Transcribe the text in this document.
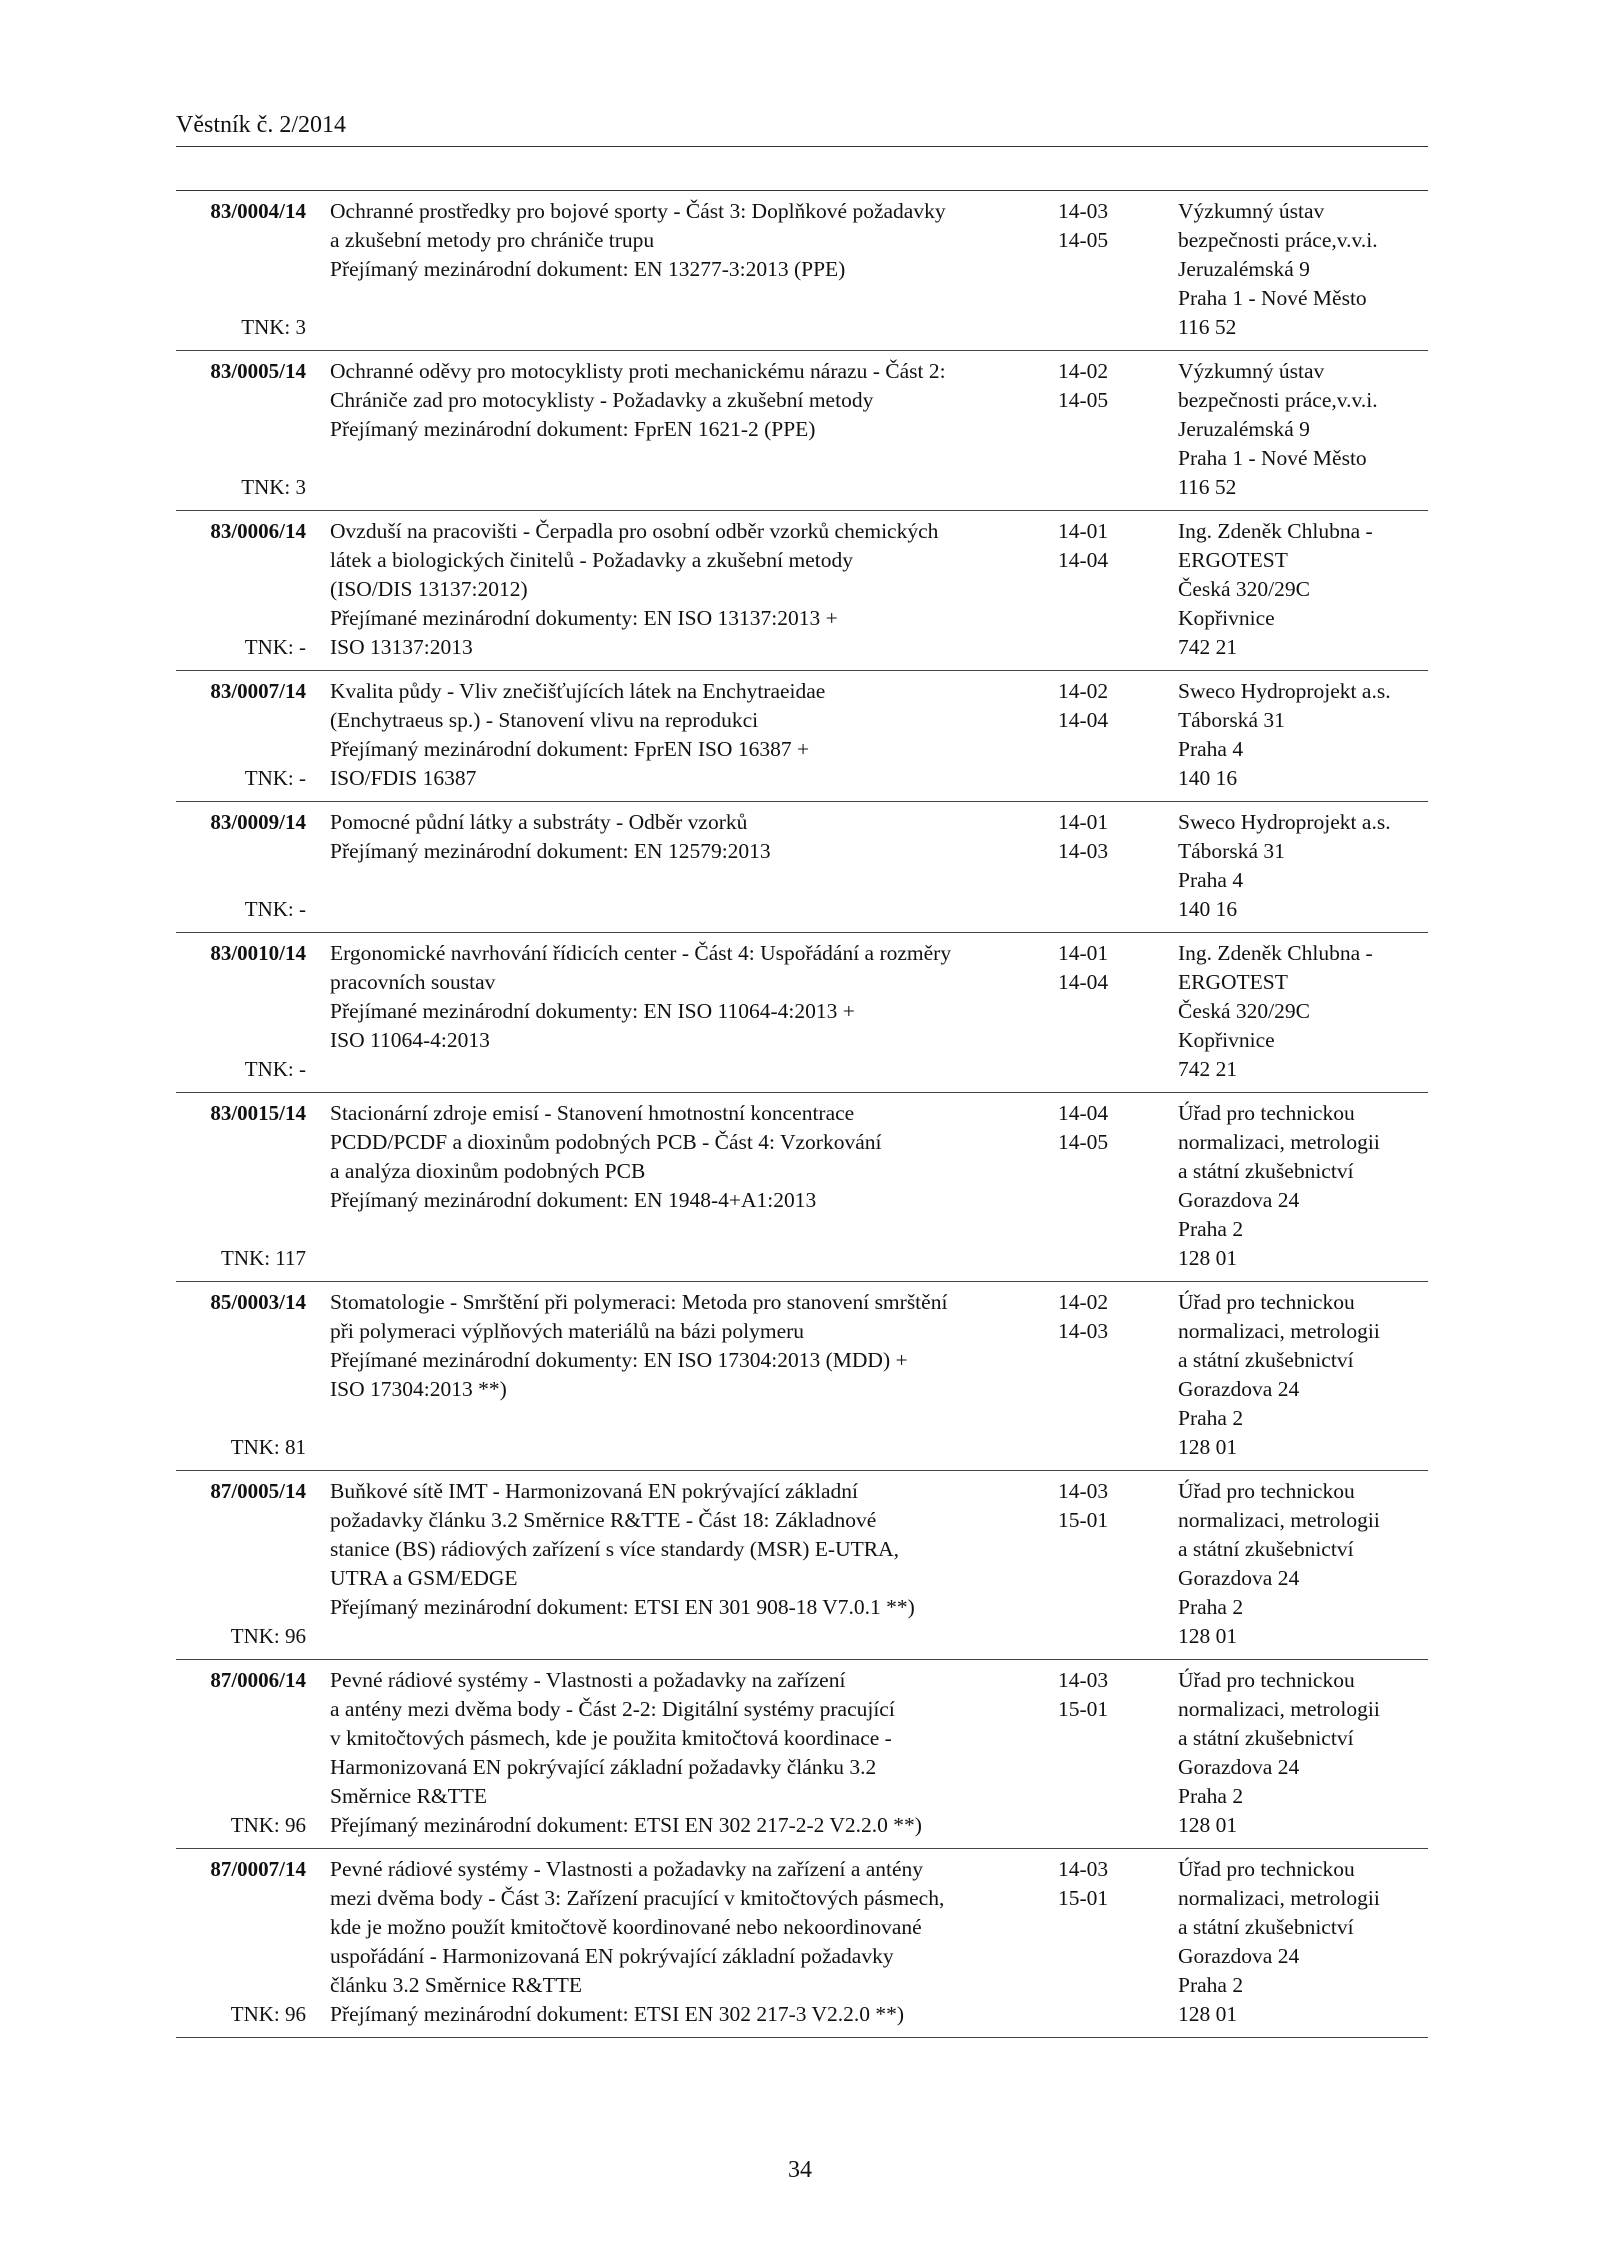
Věstník č. 2/2014
83/0004/14
TNK: 3
Ochranné prostředky pro bojové sporty - Část 3: Doplňkové požadavky
a zkušební metody pro chrániče trupu
Přejímaný mezinárodní dokument: EN 13277-3:2013 (PPE)
14-03
14-05
Výzkumný ústav
bezpečnosti práce,v.v.i.
Jeruzalémská 9
Praha 1 - Nové Město
116 52
83/0005/14
TNK: 3
Ochranné oděvy pro motocyklisty proti mechanickému nárazu - Část 2:
Chrániče zad pro motocyklisty - Požadavky a zkušební metody
Přejímaný mezinárodní dokument: FprEN 1621-2 (PPE)
14-02
14-05
Výzkumný ústav
bezpečnosti práce,v.v.i.
Jeruzalémská 9
Praha 1 - Nové Město
116 52
83/0006/14
TNK: -
Ovzduší na pracovišti - Čerpadla pro osobní odběr vzorků chemických
látek a biologických činitelů - Požadavky a zkušební metody
(ISO/DIS 13137:2012)
Přejímané mezinárodní dokumenty: EN ISO 13137:2013 +
ISO 13137:2013
14-01
14-04
Ing. Zdeněk Chlubna -
ERGOTEST
Česká 320/29C
Kopřivnice
742 21
83/0007/14
TNK: -
Kvalita půdy - Vliv znečišťujících látek na Enchytraeidae
(Enchytraeus sp.) - Stanovení vlivu na reprodukci
Přejímaný mezinárodní dokument: FprEN ISO 16387 +
ISO/FDIS 16387
14-02
14-04
Sweco Hydroprojekt a.s.
Táborská 31
Praha 4
140 16
83/0009/14
TNK: -
Pomocné půdní látky a substráty - Odběr vzorků
Přejímaný mezinárodní dokument: EN 12579:2013
14-01
14-03
Sweco Hydroprojekt a.s.
Táborská 31
Praha 4
140 16
83/0010/14
TNK: -
Ergonomické navrhování řídicích center - Část 4: Uspořádání a rozměry
pracovních soustav
Přejímané mezinárodní dokumenty: EN ISO 11064-4:2013 +
ISO 11064-4:2013
14-01
14-04
Ing. Zdeněk Chlubna -
ERGOTEST
Česká 320/29C
Kopřivnice
742 21
83/0015/14
TNK: 117
Stacionární zdroje emisí - Stanovení hmotnostní koncentrace
PCDD/PCDF a dioxinům podobných PCB - Část 4: Vzorkování
a analýza dioxinům podobných PCB
Přejímaný mezinárodní dokument: EN 1948-4+A1:2013
14-04
14-05
Úřad pro technickou
normalizaci, metrologii
a státní zkušebnictví
Gorazdova 24
Praha 2
128 01
85/0003/14
TNK: 81
Stomatologie - Smrštění při polymeraci: Metoda pro stanovení smrštění
při polymeraci výplňových materiálů na bázi polymeru
Přejímané mezinárodní dokumenty: EN ISO 17304:2013 (MDD) +
ISO 17304:2013 **)
14-02
14-03
Úřad pro technickou
normalizaci, metrologii
a státní zkušebnictví
Gorazdova 24
Praha 2
128 01
87/0005/14
TNK: 96
Buňkové sítě IMT - Harmonizovaná EN pokrývající základní
požadavky článku 3.2 Směrnice R&TTE - Část 18: Základnové
stanice (BS) rádiových zařízení s více standardy (MSR) E-UTRA,
UTRA a GSM/EDGE
Přejímaný mezinárodní dokument: ETSI EN 301 908-18 V7.0.1 **)
14-03
15-01
Úřad pro technickou
normalizaci, metrologii
a státní zkušebnictví
Gorazdova 24
Praha 2
128 01
87/0006/14
TNK: 96
Pevné rádiové systémy - Vlastnosti a požadavky na zařízení
a antény mezi dvěma body - Část 2-2: Digitální systémy pracující
v kmitočtových pásmech, kde je použita kmitočtová koordinace -
Harmonizovaná EN pokrývající základní požadavky článku 3.2
Směrnice R&TTE
Přejímaný mezinárodní dokument: ETSI EN 302 217-2-2 V2.2.0 **)
14-03
15-01
Úřad pro technickou
normalizaci, metrologii
a státní zkušebnictví
Gorazdova 24
Praha 2
128 01
87/0007/14
TNK: 96
Pevné rádiové systémy - Vlastnosti a požadavky na zařízení a antény
mezi dvěma body - Část 3: Zařízení pracující v kmitočtových pásmech,
kde je možno použít kmitočtově koordinované nebo nekoordinované
uspořádání - Harmonizovaná EN pokrývající základní požadavky
článku 3.2 Směrnice R&TTE
Přejímaný mezinárodní dokument: ETSI EN 302 217-3 V2.2.0 **)
14-03
15-01
Úřad pro technickou
normalizaci, metrologii
a státní zkušebnictví
Gorazdova 24
Praha 2
128 01
34
